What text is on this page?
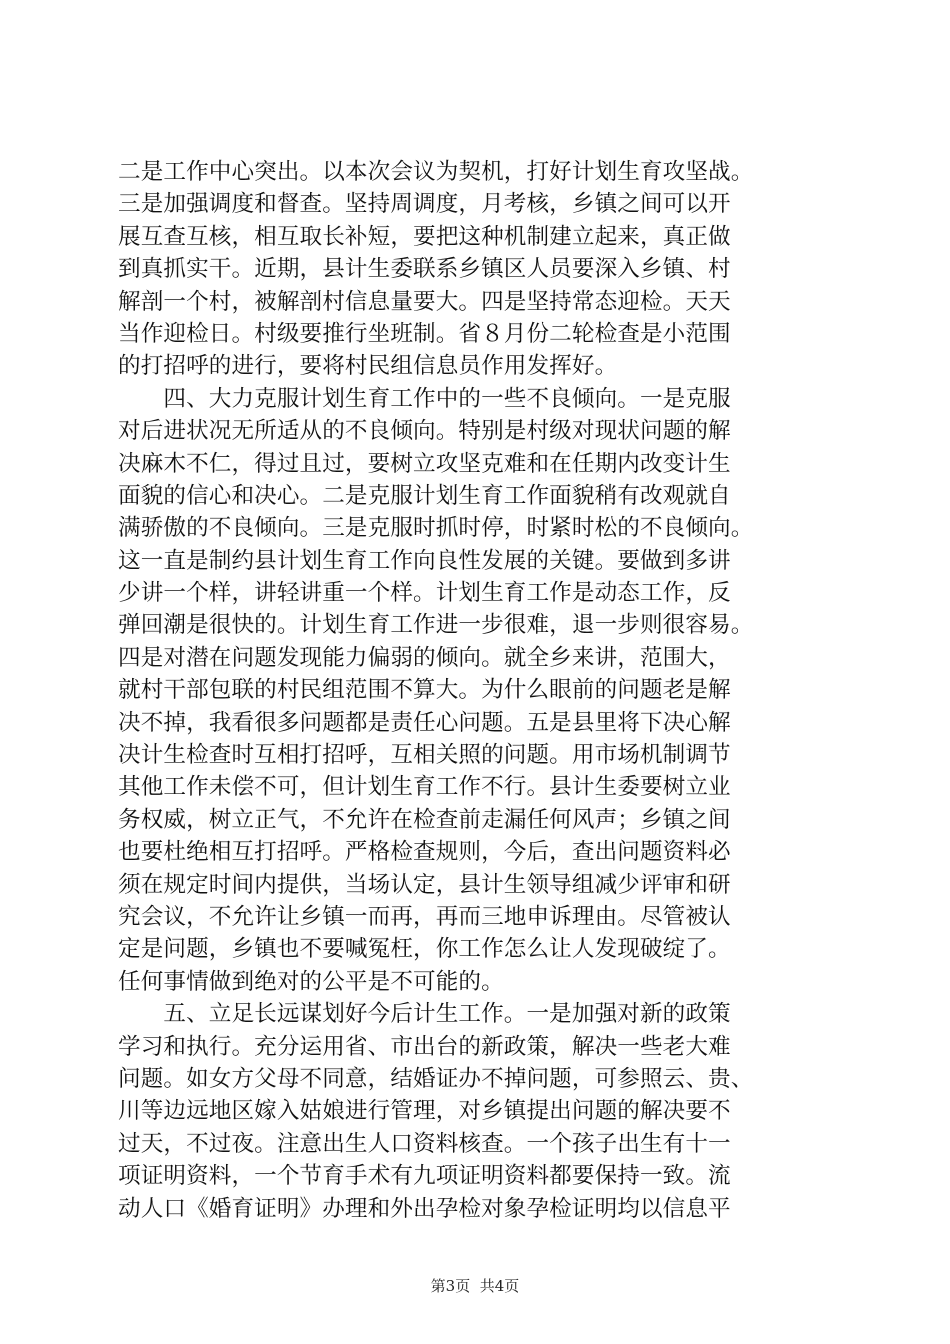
二是工作中心突出。以本次会议为契机，打好计划生育攻坚战。
三是加强调度和督查。坚持周调度，月考核，乡镇之间可以开
展互查互核，相互取长补短，要把这种机制建立起来，真正做
到真抓实干。近期，县计生委联系乡镇区人员要深入乡镇、村
解剖一个村，被解剖村信息量要大。四是坚持常态迎检。天天
当作迎检日。村级要推行坐班制。省８月份二轮检查是小范围
的打招呼的进行，要将村民组信息员作用发挥好。
　　四、大力克服计划生育工作中的一些不良倾向。一是克服
对后进状况无所适从的不良倾向。特别是村级对现状问题的解
决麻木不仁，得过且过，要树立攻坚克难和在任期内改变计生
面貌的信心和决心。二是克服计划生育工作面貌稍有改观就自
满骄傲的不良倾向。三是克服时抓时停，时紧时松的不良倾向。
这一直是制约县计划生育工作向良性发展的关键。要做到多讲
少讲一个样，讲轻讲重一个样。计划生育工作是动态工作，反
弹回潮是很快的。计划生育工作进一步很难，退一步则很容易。
四是对潜在问题发现能力偏弱的倾向。就全乡来讲，范围大，
就村干部包联的村民组范围不算大。为什么眼前的问题老是解
决不掉，我看很多问题都是责任心问题。五是县里将下决心解
决计生检查时互相打招呼，互相关照的问题。用市场机制调节
其他工作未偿不可，但计划生育工作不行。县计生委要树立业
务权威，树立正气，不允许在检查前走漏任何风声；乡镇之间
也要杜绝相互打招呼。严格检查规则，今后，查出问题资料必
须在规定时间内提供，当场认定，县计生领导组减少评审和研
究会议，不允许让乡镇一而再，再而三地申诉理由。尽管被认
定是问题，乡镇也不要喊冤枉，你工作怎么让人发现破绽了。
任何事情做到绝对的公平是不可能的。
　　五、立足长远谋划好今后计生工作。一是加强对新的政策
学习和执行。充分运用省、市出台的新政策，解决一些老大难
问题。如女方父母不同意，结婚证办不掉问题，可参照云、贵、
川等边远地区嫁入姑娘进行管理，对乡镇提出问题的解决要不
过天，不过夜。注意出生人口资料核查。一个孩子出生有十一
项证明资料，一个节育手术有九项证明资料都要保持一致。流
动人口《婚育证明》办理和外出孕检对象孕检证明均以信息平
第3页 共4页
